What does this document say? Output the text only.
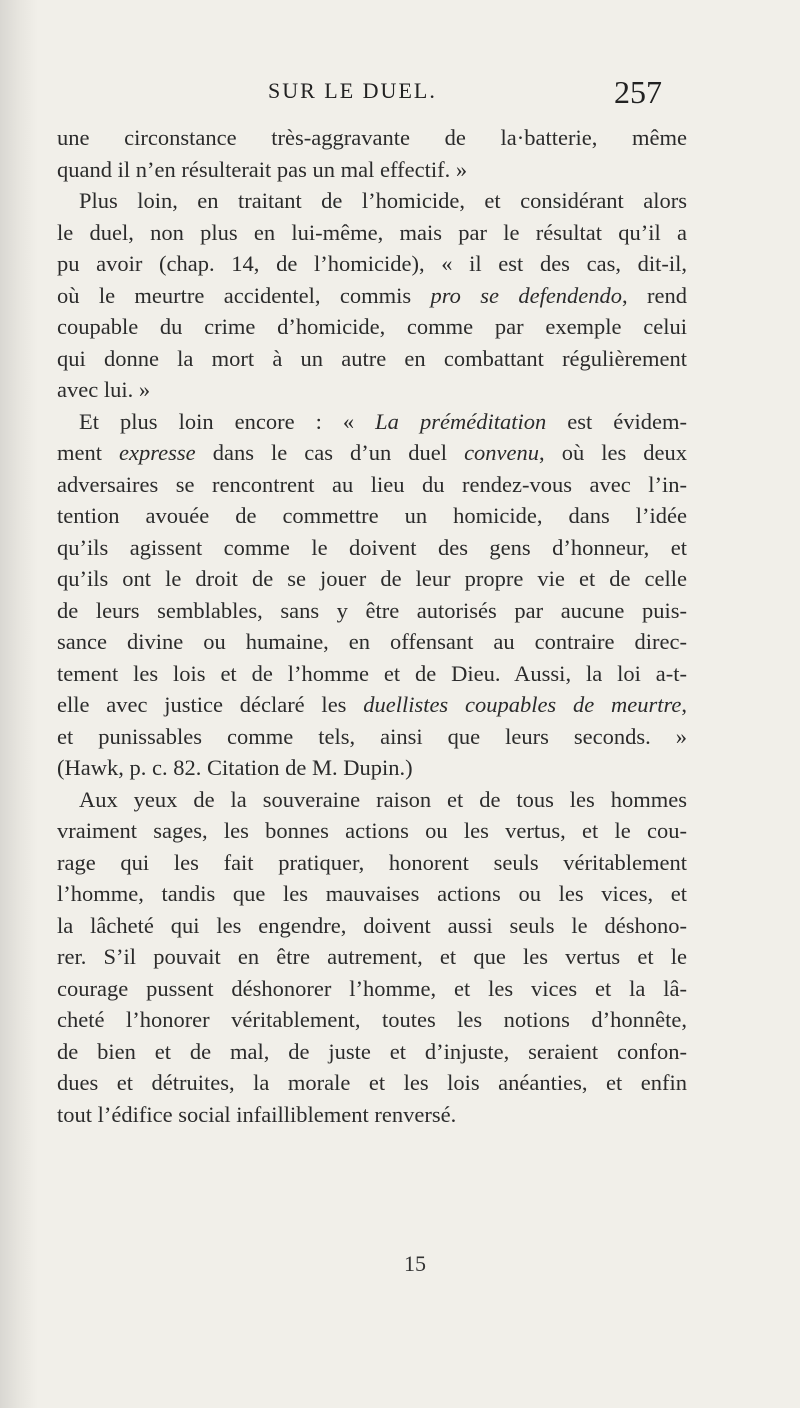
SUR LE DUEL.	257
une circonstance très-aggravante de la·batterie, même
quand il n’en résulterait pas un mal effectif. »
Plus loin, en traitant de l’homicide, et considérant alors
le duel, non plus en lui-même, mais par le résultat qu’il a
pu avoir (chap. 14, de l’homicide), « il est des cas, dit-il,
où le meurtre accidentel, commis pro se defendendo, rend
coupable du crime d’homicide, comme par exemple celui
qui donne la mort à un autre en combattant régulièrement
avec lui. »
Et plus loin encore : « La préméditation est évidem-
ment expresse dans le cas d’un duel convenu, où les deux
adversaires se rencontrent au lieu du rendez-vous avec l’in-
tention avouée de commettre un homicide, dans l’idée
qu’ils agissent comme le doivent des gens d’honneur, et
qu’ils ont le droit de se jouer de leur propre vie et de celle
de leurs semblables, sans y être autorisés par aucune puis-
sance divine ou humaine, en offensant au contraire direc-
tement les lois et de l’homme et de Dieu. Aussi, la loi a-t-
elle avec justice déclaré les duellistes coupables de meurtre,
et punissables comme tels, ainsi que leurs seconds. »
(Hawk, p. c. 82. Citation de M. Dupin.)
Aux yeux de la souveraine raison et de tous les hommes
vraiment sages, les bonnes actions ou les vertus, et le cou-
rage qui les fait pratiquer, honorent seuls véritablement
l’homme, tandis que les mauvaises actions ou les vices, et
la lâcheté qui les engendre, doivent aussi seuls le déshono-
rer. S’il pouvait en être autrement, et que les vertus et le
courage pussent déshonorer l’homme, et les vices et la lâ-
cheté l’honorer véritablement, toutes les notions d’honnête,
de bien et de mal, de juste et d’injuste, seraient confon-
dues et détruites, la morale et les lois anéanties, et enfin
tout l’édifice social infailliblement renversé.
15
